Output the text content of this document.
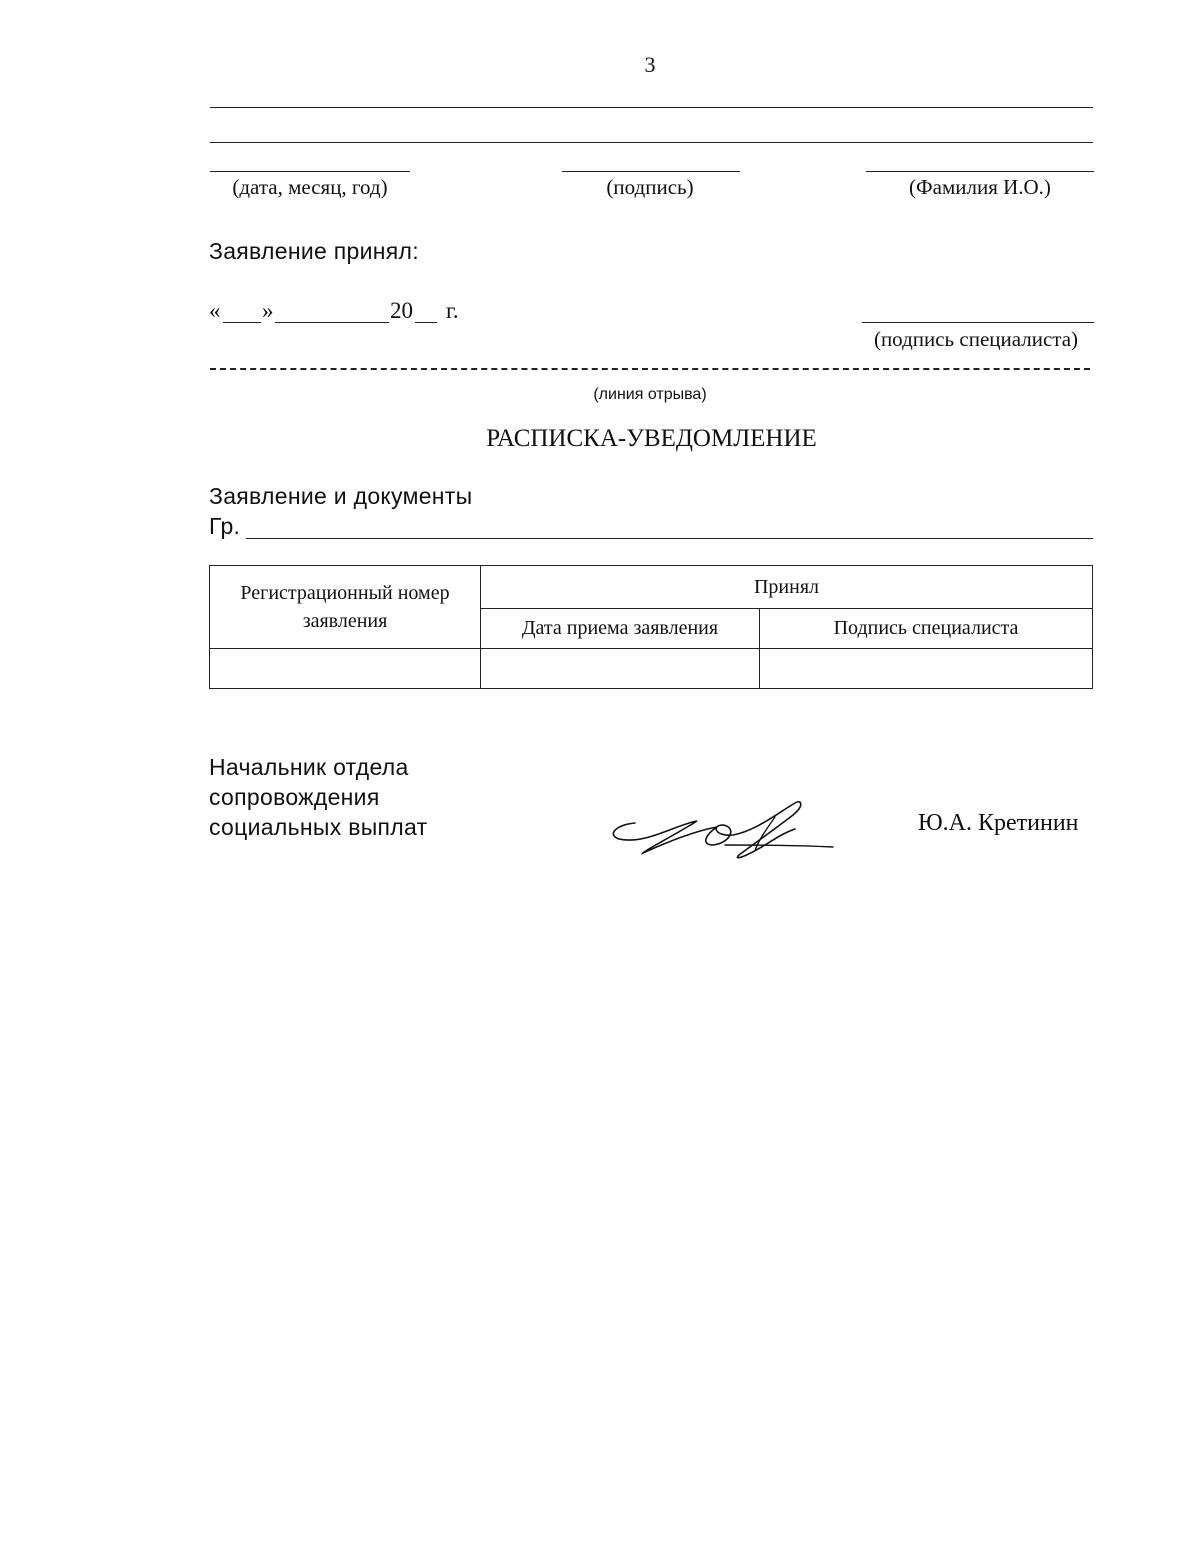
3
(дата, месяц, год)	(подпись)	(Фамилия И.О.)
Заявление принял:
« »	20 г.
(подпись специалиста)
(линия отрыва)
РАСПИСКА-УВЕДОМЛЕНИЕ
Заявление и документы
Гр.
Регистрационный номер заявления	Принял	
	Дата приема заявления	Подпись специалиста

Начальник отдела
сопровождения
социальных выплат	Ю.А. Кретинин
